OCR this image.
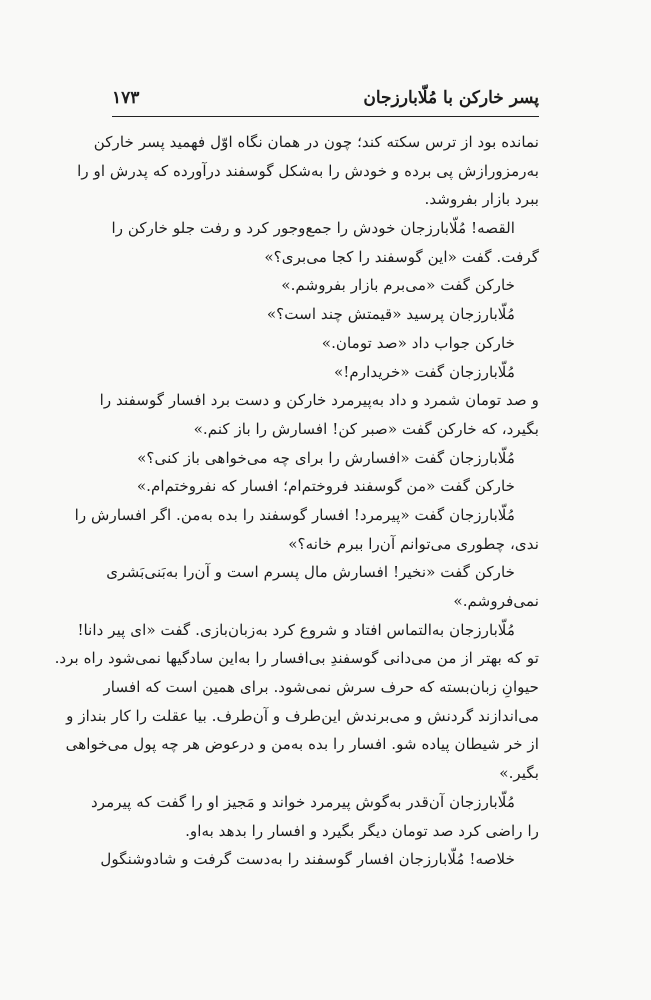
پسر خارکن با مُلّابارزجان
۱۷۳
نمانده بود از ترس سکته کند؛ چون در همان نگاه اوّل فهمید پسر خارکن
به‌رمزورازش پی برده و خودش را به‌شکل گوسفند درآورده که پدرش او را
ببرد بازار بفروشد.
القصه! مُلّابارزجان خودش را جمع‌وجور کرد و رفت جلو خارکن را
گرفت. گفت «این گوسفند را کجا می‌بری؟»
خارکن گفت «می‌برم بازار بفروشم.»
مُلّابارزجان پرسید «قیمتش چند است؟»
خارکن جواب داد «صد تومان.»
مُلّابارزجان گفت «خریدارم!»
و صد تومان شمرد و داد به‌پیرمرد خارکن و دست برد افسار گوسفند را
بگیرد، که خارکن گفت «صبر کن! افسارش را باز کنم.»
مُلّابارزجان گفت «افسارش را برای چه می‌خواهی باز کنی؟»
خارکن گفت «من گوسفند فروختم‌ام؛ افسار که نفروختم‌ام.»
مُلّابارزجان گفت «پیرمرد! افسار گوسفند را بده به‌من. اگر افسارش را
ندی، چطوری می‌توانم آن‌را ببرم خانه؟»
خارکن گفت «نخیر! افسارش مال پسرم است و آن‌را به‌بَنی‌بَشری
نمی‌فروشم.»
مُلّابارزجان به‌التماس افتاد و شروع کرد به‌زبان‌بازی. گفت «ای پیر دانا!
تو که بهتر از من می‌دانی گوسفندِ بی‌افسار را به‌این سادگیها نمی‌شود راه برد.
حیوانِ زبان‌بسته که حرف سرش نمی‌شود. برای همین است که افسار
می‌اندازند گردنش و می‌برندش این‌طرف و آن‌طرف. بیا عقلت را کار بنداز و
از خر شیطان پیاده شو. افسار را بده به‌من و درعوض هر چه پول می‌خواهی
بگیر.»
مُلّابارزجان آن‌قدر به‌گوش پیرمرد خواند و مَجیز او را گفت که پیرمرد
را راضی کرد صد تومان دیگر بگیرد و افسار را بدهد به‌او.
خلاصه! مُلّابارزجان افسار گوسفند را به‌دست گرفت و شادوشنگول
